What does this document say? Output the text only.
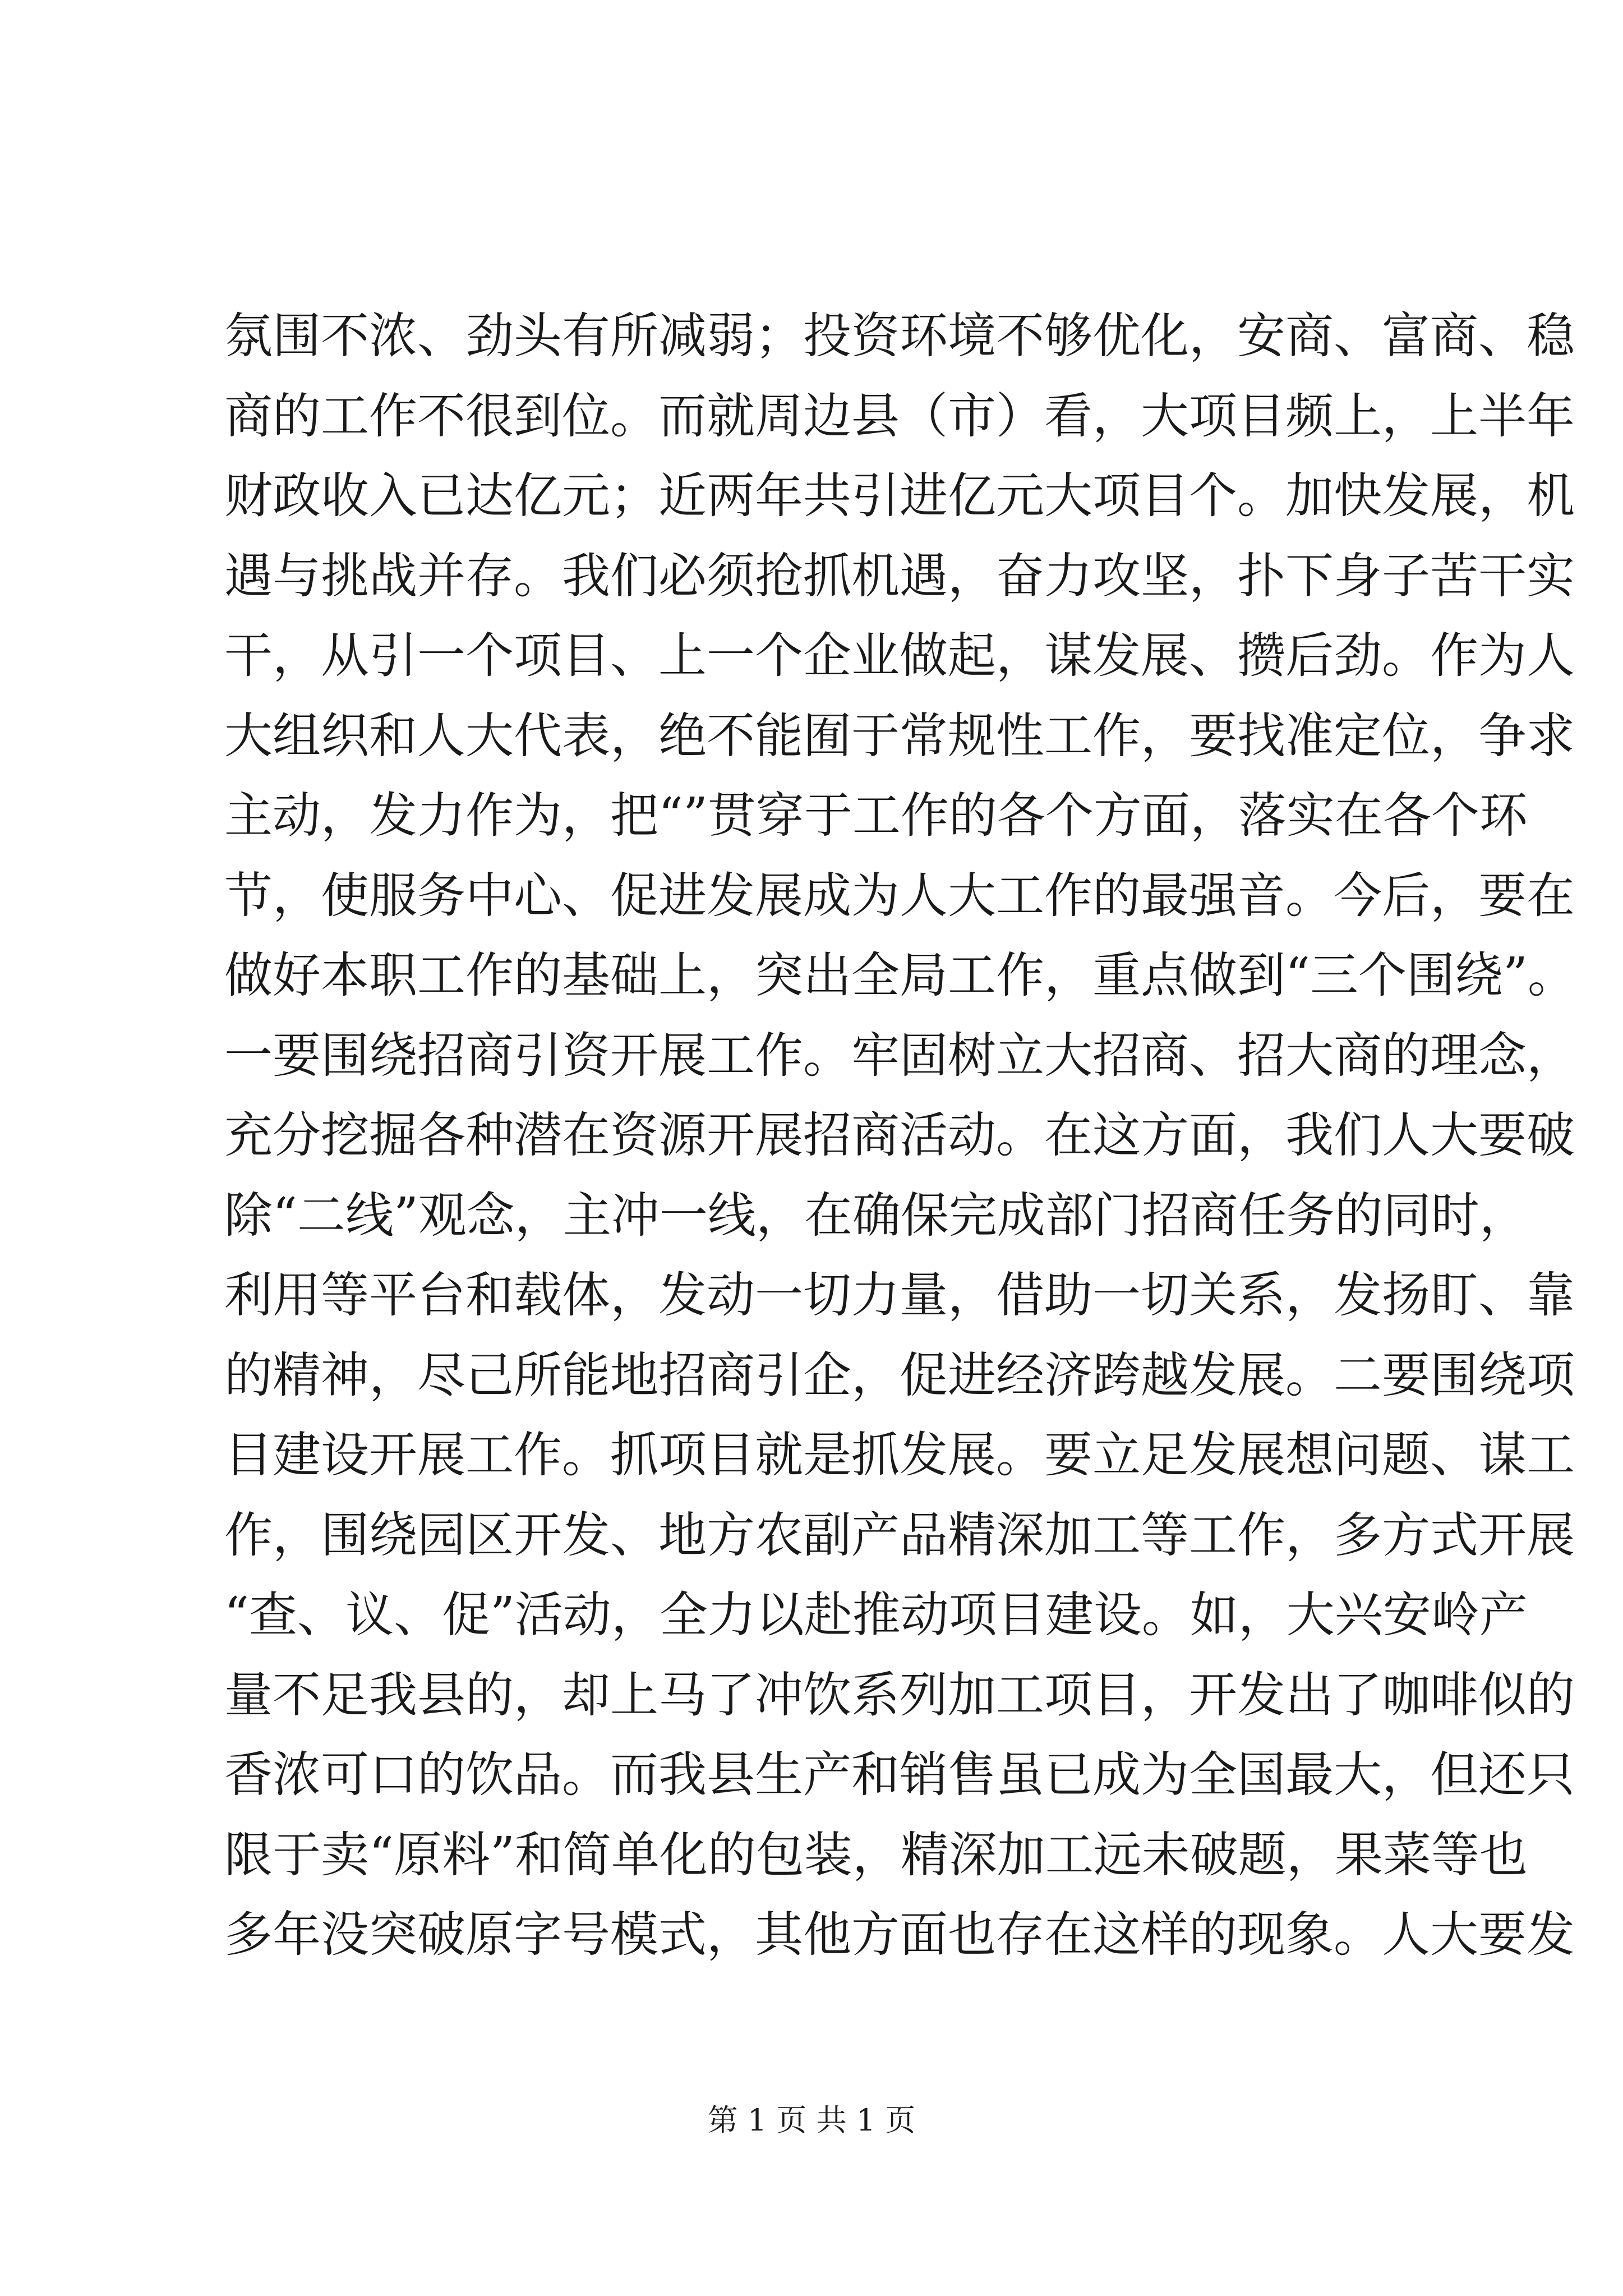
氛围不浓、劲头有所减弱；投资环境不够优化，安商、富商、稳
商的工作不很到位。而就周边县（市）看，大项目频上，上半年
财政收入已达亿元；近两年共引进亿元大项目个。加快发展，机
遇与挑战并存。我们必须抢抓机遇，奋力攻坚，扑下身子苦干实
干，从引一个项目、上一个企业做起，谋发展、攒后劲。作为人
大组织和人大代表，绝不能囿于常规性工作，要找准定位，争求
主动，发力作为，把“”贯穿于工作的各个方面，落实在各个环
节，使服务中心、促进发展成为人大工作的最强音。今后，要在
做好本职工作的基础上，突出全局工作，重点做到“三个围绕”。
一要围绕招商引资开展工作。牢固树立大招商、招大商的理念，
充分挖掘各种潜在资源开展招商活动。在这方面，我们人大要破
除“二线”观念，主冲一线，在确保完成部门招商任务的同时，
利用等平台和载体，发动一切力量，借助一切关系，发扬盯、靠
的精神，尽己所能地招商引企，促进经济跨越发展。二要围绕项
目建设开展工作。抓项目就是抓发展。要立足发展想问题、谋工
作，围绕园区开发、地方农副产品精深加工等工作，多方式开展
“查、议、促”活动，全力以赴推动项目建设。如，大兴安岭产
量不足我县的，却上马了冲饮系列加工项目，开发出了咖啡似的
香浓可口的饮品。而我县生产和销售虽已成为全国最大，但还只
限于卖“原料”和简单化的包装，精深加工远未破题，果菜等也
多年没突破原字号模式，其他方面也存在这样的现象。人大要发
第 1 页 共 1 页
